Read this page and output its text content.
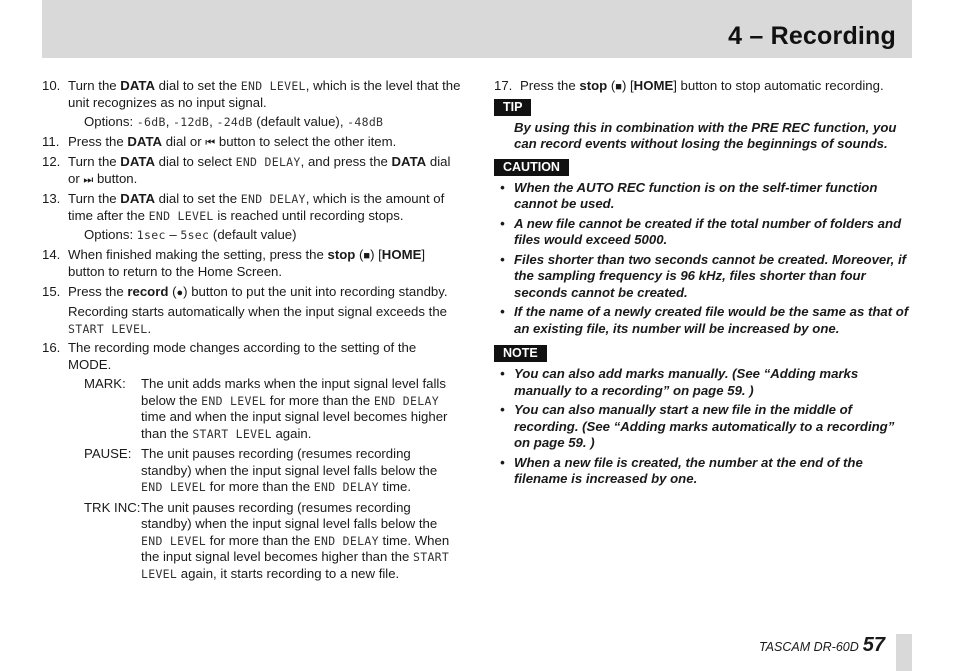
4 – Recording
10. Turn the DATA dial to set the END LEVEL, which is the level that the unit recognizes as no input signal.
Options: -6dB, -12dB, -24dB (default value), -48dB
11. Press the DATA dial or ⏮ button to select the other item.
12. Turn the DATA dial to select END DELAY, and press the DATA dial or ⏭ button.
13. Turn the DATA dial to set the END DELAY, which is the amount of time after the END LEVEL is reached until recording stops.
Options: 1sec – 5sec (default value)
14. When finished making the setting, press the stop (■) [HOME] button to return to the Home Screen.
15. Press the record (●) button to put the unit into recording standby.
Recording starts automatically when the input signal exceeds the START LEVEL.
16. The recording mode changes according to the setting of the MODE.
MARK:	The unit adds marks when the input signal level falls below the END LEVEL for more than the END DELAY time and when the input signal level becomes higher than the START LEVEL again.
PAUSE: The unit pauses recording (resumes recording standby) when the input signal level falls below the END LEVEL for more than the END DELAY time.
TRK INC: The unit pauses recording (resumes recording standby) when the input signal level falls below the END LEVEL for more than the END DELAY time. When the input signal level becomes higher than the START LEVEL again, it starts recording to a new file.
17. Press the stop (■) [HOME] button to stop automatic recording.
TIP
By using this in combination with the PRE REC function, you can record events without losing the beginnings of sounds.
CAUTION
• When the AUTO REC function is on the self-timer function cannot be used.
• A new file cannot be created if the total number of folders and files would exceed 5000.
• Files shorter than two seconds cannot be created. Moreover, if the sampling frequency is 96 kHz, files shorter than four seconds cannot be created.
• If the name of a newly created file would be the same as that of an existing file, its number will be increased by one.
NOTE
• You can also add marks manually. (See “Adding marks manually to a recording” on page 59. )
• You can also manually start a new file in the middle of recording. (See “Adding marks automatically to a recording” on page 59. )
• When a new file is created, the number at the end of the filename is increased by one.
TASCAM DR-60D 57
